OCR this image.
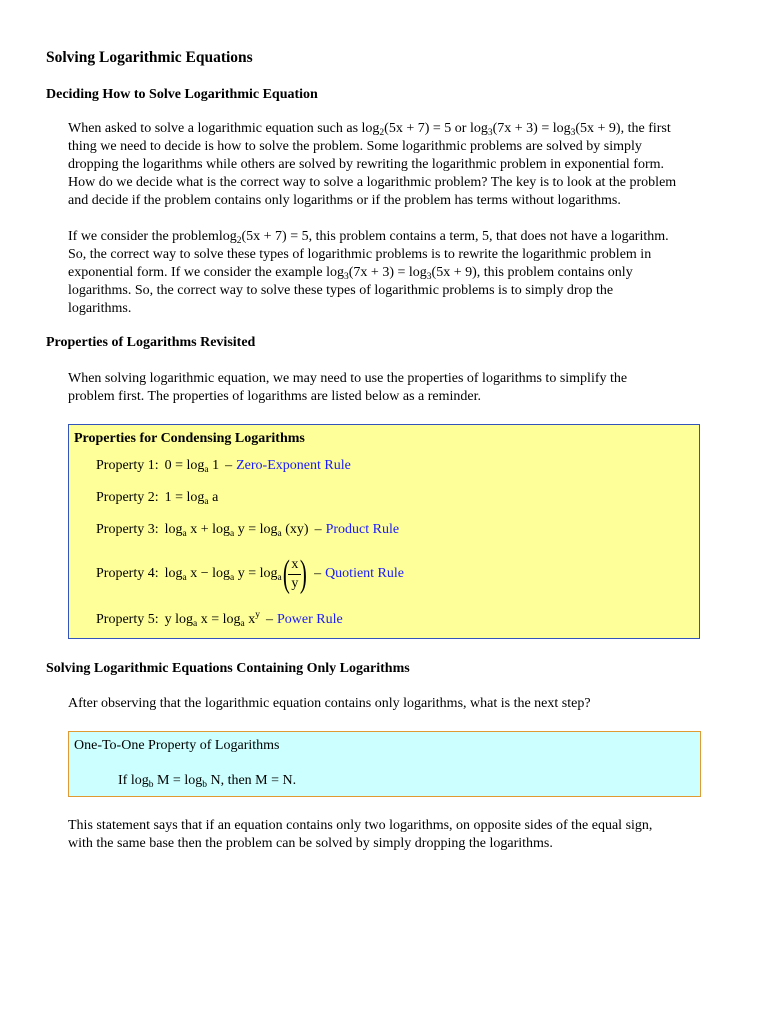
Solving Logarithmic Equations
Deciding How to Solve Logarithmic Equation
When asked to solve a logarithmic equation such as $\log_2(5x + 7) = 5$ or $\log_3(7x + 3) = \log_3(5x + 9)$, the first
thing we need to decide is how to solve the problem. Some logarithmic problems are solved by simply
dropping the logarithms while others are solved by rewriting the logarithmic problem in exponential form.
How do we decide what is the correct way to solve a logarithmic problem? The key is to look at the problem
and decide if the problem contains only logarithms or if the problem has terms without logarithms.
If we consider the problemlog$_2$(5x + 7) = 5, this problem contains a term, 5, that does not have a logarithm.
So, the correct way to solve these types of logarithmic problems is to rewrite the logarithmic problem in
exponential form. If we consider the example $\log_3(7x + 3) = \log_3(5x + 9)$, this problem contains only
logarithms. So, the correct way to solve these types of logarithmic problems is to simply drop the
logarithms.
Properties of Logarithms Revisited
When solving logarithmic equation, we may need to use the properties of logarithms to simplify the
problem first. The properties of logarithms are listed below as a reminder.
Properties for Condensing Logarithms
Property 1: $0 = \log_a 1$ – Zero-Exponent Rule
Property 2: $1 = \log_a a$
Property 3: $\log_a x + \log_a y = \log_a (xy)$ – Product Rule
Property 4: $\log_a x - \log_a y = \log_a$ (
$\frac{x}{y}$
) – Quotient Rule
Property 5: y $\log_a x = \log_a x^y$ – Power Rule
Solving Logarithmic Equations Containing Only Logarithms
After observing that the logarithmic equation contains only logarithms, what is the next step?
One-To-One Property of Logarithms
If $\log_b M = \log_b N$, then M = N.
This statement says that if an equation contains only two logarithms, on opposite sides of the equal sign,
with the same base then the problem can be solved by simply dropping the logarithms.
